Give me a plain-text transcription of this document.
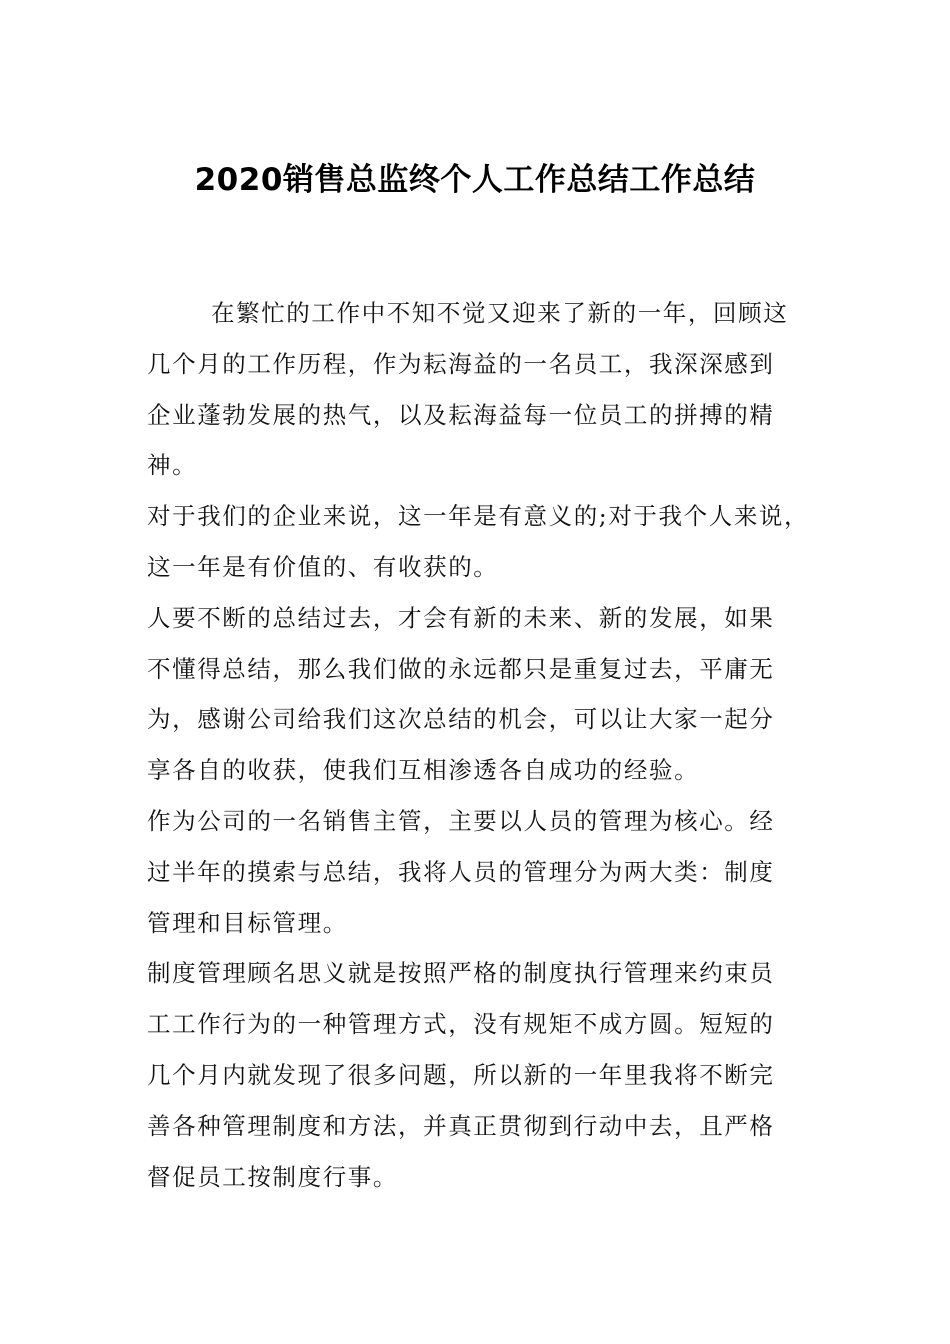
2020销售总监终个人工作总结工作总结
在繁忙的工作中不知不觉又迎来了新的一年，回顾这
几个月的工作历程，作为耘海益的一名员工，我深深感到
企业蓬勃发展的热气，以及耘海益每一位员工的拼搏的精
神。
对于我们的企业来说，这一年是有意义的;对于我个人来说，
这一年是有价值的、有收获的。
人要不断的总结过去，才会有新的未来、新的发展，如果
不懂得总结，那么我们做的永远都只是重复过去，平庸无
为，感谢公司给我们这次总结的机会，可以让大家一起分
享各自的收获，使我们互相渗透各自成功的经验。
作为公司的一名销售主管，主要以人员的管理为核心。经
过半年的摸索与总结，我将人员的管理分为两大类：制度
管理和目标管理。
制度管理顾名思义就是按照严格的制度执行管理来约束员
工工作行为的一种管理方式，没有规矩不成方圆。短短的
几个月内就发现了很多问题，所以新的一年里我将不断完
善各种管理制度和方法，并真正贯彻到行动中去，且严格
督促员工按制度行事。
